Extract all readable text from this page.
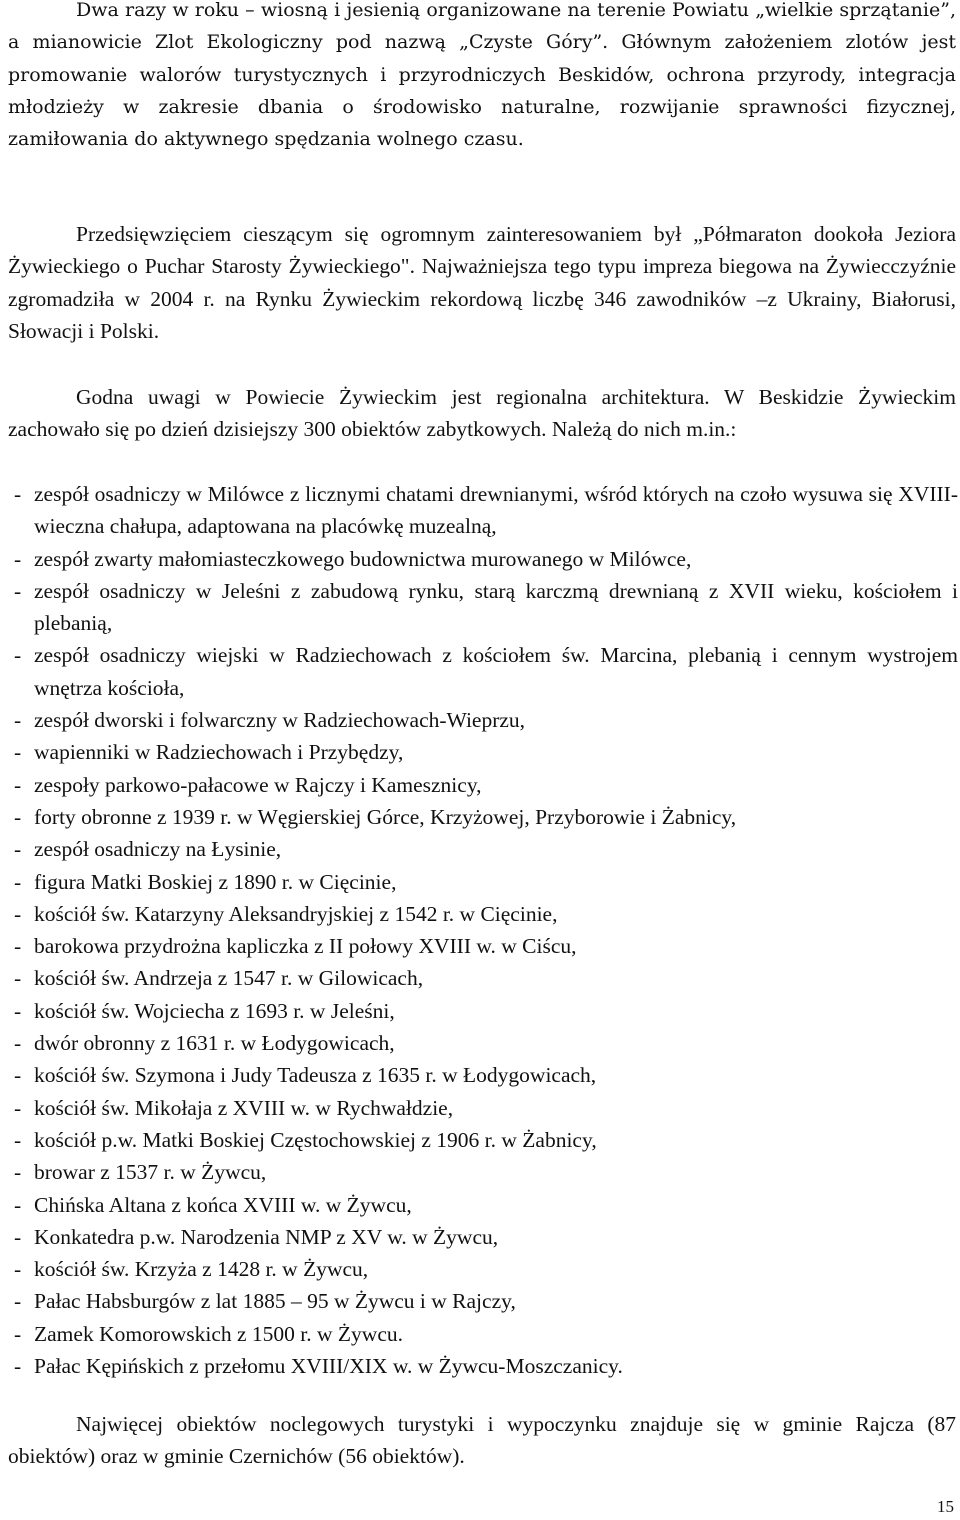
Dwa razy w roku – wiosną i jesienią organizowane na terenie Powiatu „wielkie sprzątanie”, a mianowicie Zlot Ekologiczny pod nazwą „Czyste Góry”. Głównym założeniem zlotów jest promowanie walorów turystycznych i przyrodniczych Beskidów, ochrona przyrody, integracja młodzieży w zakresie dbania o środowisko naturalne, rozwijanie sprawności fizycznej, zamiłowania do aktywnego spędzania wolnego czasu.

Przedsięwzięciem cieszącym się ogromnym zainteresowaniem był „Półmaraton dookoła Jeziora Żywieckiego o Puchar Starosty Żywieckiego". Najważniejsza tego typu impreza biegowa na Żywiecczyźnie zgromadziła w 2004 r. na Rynku Żywieckim rekordową liczbę 346 zawodników –z Ukrainy, Białorusi, Słowacji i Polski.

Godna uwagi w Powiecie Żywieckim jest regionalna architektura. W Beskidzie Żywieckim zachowało się po dzień dzisiejszy 300 obiektów zabytkowych. Należą do nich m.in.:

- zespół osadniczy w Milówce z licznymi chatami drewnianymi, wśród których na czoło wysuwa się XVIII-wieczna chałupa, adaptowana na placówkę muzealną,
- zespół zwarty małomiasteczkowego budownictwa murowanego w Milówce,
- zespół osadniczy w Jeleśni z zabudową rynku, starą karczmą drewnianą z XVII wieku, kościołem i plebanią,
- zespół osadniczy wiejski w Radziechowach z kościołem św. Marcina, plebanią i cennym wystrojem wnętrza kościoła,
- zespół dworski i folwarczny w Radziechowach-Wieprzu,
- wapienniki w Radziechowach i Przybędzy,
- zespoły parkowo-pałacowe w Rajczy i Kamesznicy,
- forty obronne z 1939 r. w Węgierskiej Górce, Krzyżowej, Przyborowie i Żabnicy,
- zespół osadniczy na Łysinie,
- figura Matki Boskiej z 1890 r. w Cięcinie,
- kościół św. Katarzyny Aleksandryjskiej z 1542 r. w Cięcinie,
- barokowa przydrożna kapliczka z II połowy XVIII w. w Ciścu,
- kościół św. Andrzeja z 1547 r. w Gilowicach,
- kościół św. Wojciecha z 1693 r. w Jeleśni,
- dwór obronny z 1631 r. w Łodygowicach,
- kościół św. Szymona i Judy Tadeusza z 1635 r. w Łodygowicach,
- kościół św. Mikołaja z XVIII w. w Rychwałdzie,
- kościół p.w. Matki Boskiej Częstochowskiej z 1906 r. w Żabnicy,
- browar z 1537 r. w Żywcu,
- Chińska Altana z końca XVIII w. w Żywcu,
- Konkatedra p.w. Narodzenia NMP z XV w. w Żywcu,
- kościół św. Krzyża z 1428 r. w Żywcu,
- Pałac Habsburgów z lat 1885 – 95 w Żywcu i w Rajczy,
- Zamek Komorowskich z 1500 r. w Żywcu.
- Pałac Kępińskich z przełomu XVIII/XIX w. w Żywcu-Moszczanicy.

Najwięcej obiektów noclegowych turystyki i wypoczynku znajduje się w gminie Rajcza (87 obiektów) oraz w gminie Czernichów (56 obiektów).

15
